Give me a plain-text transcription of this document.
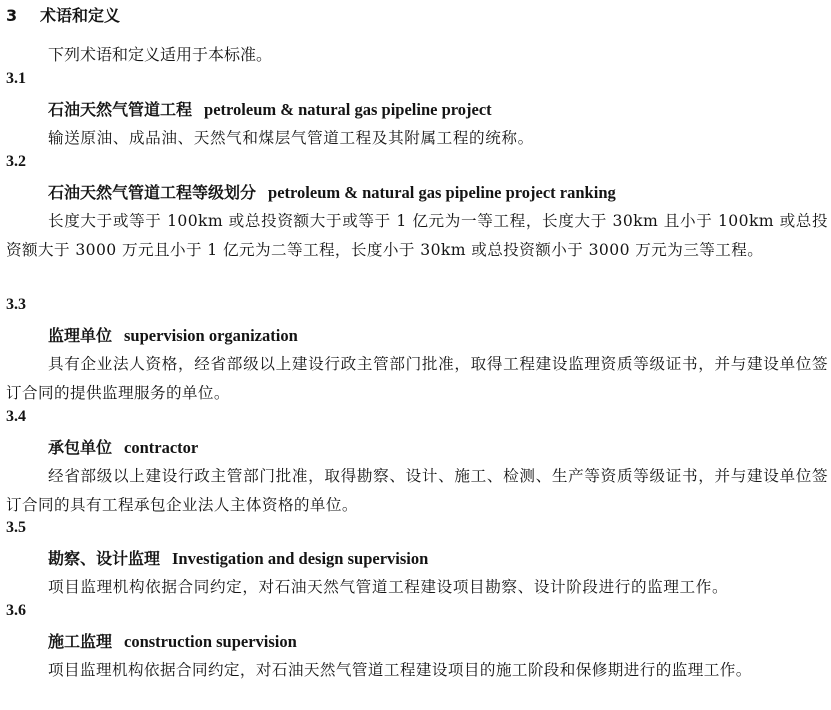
3 术语和定义
下列术语和定义适用于本标准。
3.1
石油天然气管道工程 petroleum & natural gas pipeline project
输送原油、成品油、天然气和煤层气管道工程及其附属工程的统称。
3.2
石油天然气管道工程等级划分 petroleum & natural gas pipeline project ranking
长度大于或等于 100km 或总投资额大于或等于 1 亿元为一等工程，长度大于 30km 且小于 100km 或总投资额大于 3000 万元且小于 1 亿元为二等工程，长度小于 30km 或总投资额小于 3000 万元为三等工程。
3.3
监理单位 supervision organization
具有企业法人资格，经省部级以上建设行政主管部门批准，取得工程建设监理资质等级证书，并与建设单位签订合同的提供监理服务的单位。
3.4
承包单位 contractor
经省部级以上建设行政主管部门批准，取得勘察、设计、施工、检测、生产等资质等级证书，并与建设单位签订合同的具有工程承包企业法人主体资格的单位。
3.5
勘察、设计监理 Investigation and design supervision
项目监理机构依据合同约定，对石油天然气管道工程建设项目勘察、设计阶段进行的监理工作。
3.6
施工监理 construction supervision
项目监理机构依据合同约定，对石油天然气管道工程建设项目的施工阶段和保修期进行的监理工作。
